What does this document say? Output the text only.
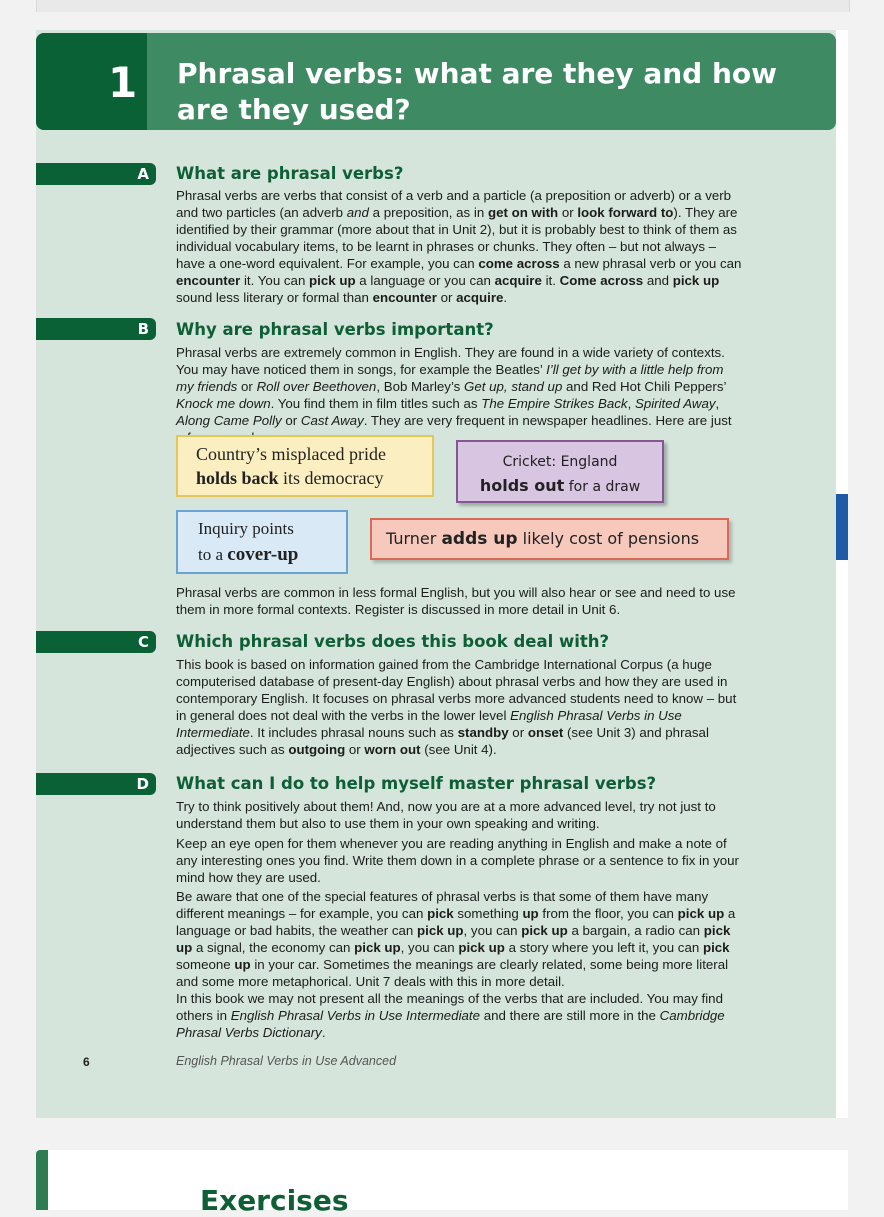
1 Phrasal verbs: what are they and how are they used?
A What are phrasal verbs?
Phrasal verbs are verbs that consist of a verb and a particle (a preposition or adverb) or a verb and two particles (an adverb and a preposition, as in get on with or look forward to). They are identified by their grammar (more about that in Unit 2), but it is probably best to think of them as individual vocabulary items, to be learnt in phrases or chunks. They often – but not always – have a one-word equivalent. For example, you can come across a new phrasal verb or you can encounter it. You can pick up a language or you can acquire it. Come across and pick up sound less literary or formal than encounter or acquire.
B Why are phrasal verbs important?
Phrasal verbs are extremely common in English. They are found in a wide variety of contexts. You may have noticed them in songs, for example the Beatles’ I’ll get by with a little help from my friends or Roll over Beethoven, Bob Marley’s Get up, stand up and Red Hot Chili Peppers’ Knock me down. You find them in film titles such as The Empire Strikes Back, Spirited Away, Along Came Polly or Cast Away. They are very frequent in newspaper headlines. Here are just
Country’s misplaced pride
holds back its democracy
Cricket: England
holds out for a draw
Inquiry points
to a cover-up
Turner adds up likely cost of pensions
Phrasal verbs are common in less formal English, but you will also hear or see and need to use them in more formal contexts. Register is discussed in more detail in Unit 6.
C Which phrasal verbs does this book deal with?
This book is based on information gained from the Cambridge International Corpus (a huge computerised database of present-day English) about phrasal verbs and how they are used in contemporary English. It focuses on phrasal verbs more advanced students need to know – but in general does not deal with the verbs in the lower level English Phrasal Verbs in Use Intermediate. It includes phrasal nouns such as standby or onset (see Unit 3) and phrasal adjectives such as outgoing or worn out (see Unit 4).
D What can I do to help myself master phrasal verbs?
Try to think positively about them! And, now you are at a more advanced level, try not just to understand them but also to use them in your own speaking and writing.
Keep an eye open for them whenever you are reading anything in English and make a note of any interesting ones you find. Write them down in a complete phrase or a sentence to fix in your mind how they are used.
Be aware that one of the special features of phrasal verbs is that some of them have many different meanings – for example, you can pick something up from the floor, you can pick up a language or bad habits, the weather can pick up, you can pick up a bargain, a radio can pick up a signal, the economy can pick up, you can pick up a story where you left it, you can pick someone up in your car. Sometimes the meanings are clearly related, some being more literal and some more metaphorical. Unit 7 deals with this in more detail.
In this book we may not present all the meanings of the verbs that are included. You may find others in English Phrasal Verbs in Use Intermediate and there are still more in the Cambridge Phrasal Verbs Dictionary.
6	English Phrasal Verbs in Use Advanced
Exercises
